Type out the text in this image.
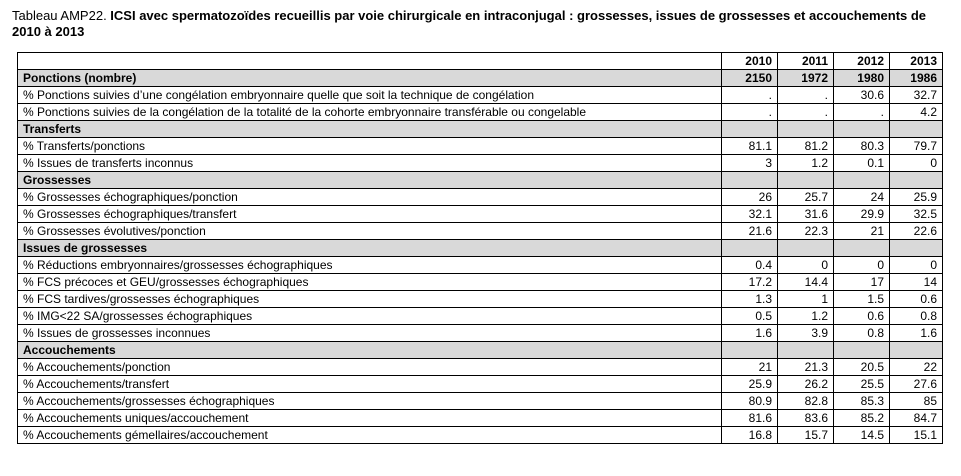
Tableau AMP22. ICSI avec spermatozoïdes recueillis par voie chirurgicale en intraconjugal : grossesses, issues de grossesses et accouchements de 2010 à 2013
	2010	2011	2012	2013
Ponctions (nombre)	2150	1972	1980	1986
% Ponctions suivies d’une congélation embryonnaire quelle que soit la technique de congélation	.	.	30.6	32.7
% Ponctions suivies de la congélation de la totalité de la cohorte embryonnaire transférable ou congelable	.	.	.	4.2
Transferts				
% Transferts/ponctions	81.1	81.2	80.3	79.7
% Issues de transferts inconnus	3	1.2	0.1	0
Grossesses				
% Grossesses échographiques/ponction	26	25.7	24	25.9
% Grossesses échographiques/transfert	32.1	31.6	29.9	32.5
% Grossesses évolutives/ponction	21.6	22.3	21	22.6
Issues de grossesses				
% Réductions embryonnaires/grossesses échographiques	0.4	0	0	0
% FCS précoces et GEU/grossesses échographiques	17.2	14.4	17	14
% FCS tardives/grossesses échographiques	1.3	1	1.5	0.6
% IMG<22 SA/grossesses échographiques	0.5	1.2	0.6	0.8
% Issues de grossesses inconnues	1.6	3.9	0.8	1.6
Accouchements				
% Accouchements/ponction	21	21.3	20.5	22
% Accouchements/transfert	25.9	26.2	25.5	27.6
% Accouchements/grossesses échographiques	80.9	82.8	85.3	85
% Accouchements uniques/accouchement	81.6	83.6	85.2	84.7
% Accouchements gémellaires/accouchement	16.8	15.7	14.5	15.1
